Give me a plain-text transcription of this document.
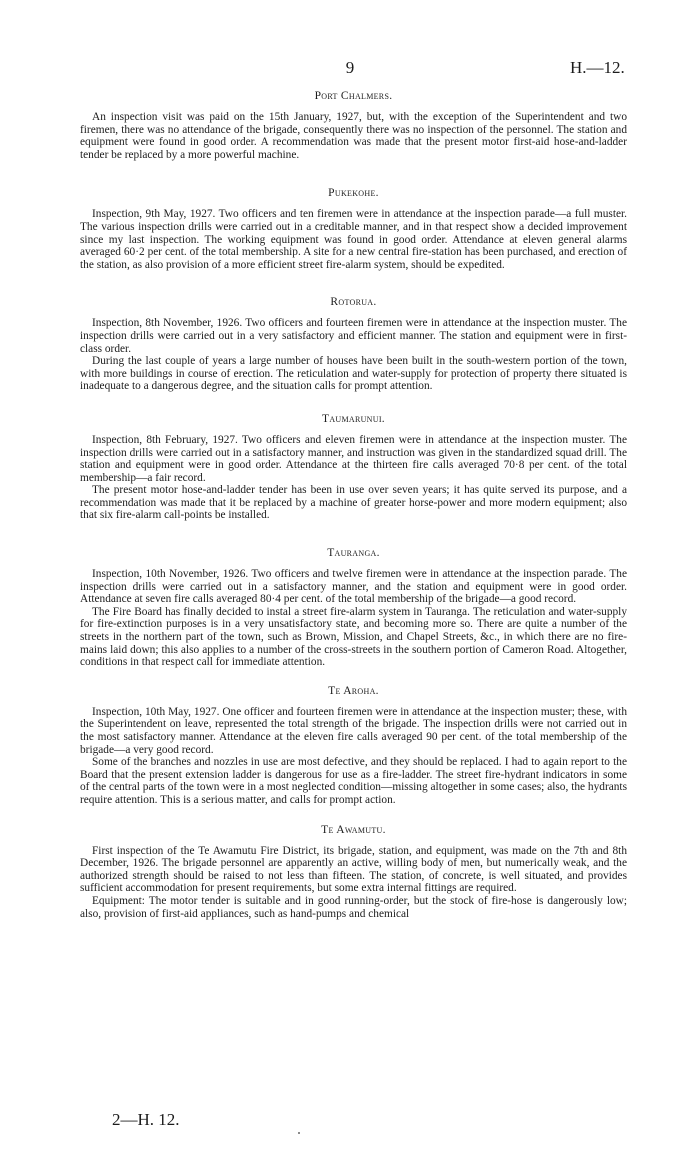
9	H.—12.
Port Chalmers.

An inspection visit was paid on the 15th January, 1927, but, with the exception of the Superintendent and two firemen, there was no attendance of the brigade, consequently there was no inspection of the personnel. The station and equipment were found in good order. A recommendation was made that the present motor first-aid hose-and-ladder tender be replaced by a more powerful machine.

Pukekohe.

Inspection, 9th May, 1927. Two officers and ten firemen were in attendance at the inspection parade—a full muster. The various inspection drills were carried out in a creditable manner, and in that respect show a decided improvement since my last inspection. The working equipment was found in good order. Attendance at eleven general alarms averaged 60·2 per cent. of the total membership. A site for a new central fire-station has been purchased, and erection of the station, as also provision of a more efficient street fire-alarm system, should be expedited.

Rotorua.

Inspection, 8th November, 1926. Two officers and fourteen firemen were in attendance at the inspection muster. The inspection drills were carried out in a very satisfactory and efficient manner. The station and equipment were in first-class order.

During the last couple of years a large number of houses have been built in the south-western portion of the town, with more buildings in course of erection. The reticulation and water-supply for protection of property there situated is inadequate to a dangerous degree, and the situation calls for prompt attention.

Taumarunui.

Inspection, 8th February, 1927. Two officers and eleven firemen were in attendance at the inspection muster. The inspection drills were carried out in a satisfactory manner, and instruction was given in the standardized squad drill. The station and equipment were in good order. Attendance at the thirteen fire calls averaged 70·8 per cent. of the total membership—a fair record.

The present motor hose-and-ladder tender has been in use over seven years; it has quite served its purpose, and a recommendation was made that it be replaced by a machine of greater horse-power and more modern equipment; also that six fire-alarm call-points be installed.

Tauranga.

Inspection, 10th November, 1926. Two officers and twelve firemen were in attendance at the inspection parade. The inspection drills were carried out in a satisfactory manner, and the station and equipment were in good order. Attendance at seven fire calls averaged 80·4 per cent. of the total membership of the brigade—a good record.

The Fire Board has finally decided to instal a street fire-alarm system in Tauranga. The reticulation and water-supply for fire-extinction purposes is in a very unsatisfactory state, and becoming more so. There are quite a number of the streets in the northern part of the town, such as Brown, Mission, and Chapel Streets, &c., in which there are no fire-mains laid down; this also applies to a number of the cross-streets in the southern portion of Cameron Road. Altogether, conditions in that respect call for immediate attention.

Te Aroha.

Inspection, 10th May, 1927. One officer and fourteen firemen were in attendance at the inspection muster; these, with the Superintendent on leave, represented the total strength of the brigade. The inspection drills were not carried out in the most satisfactory manner. Attendance at the eleven fire calls averaged 90 per cent. of the total membership of the brigade—a very good record.

Some of the branches and nozzles in use are most defective, and they should be replaced. I had to again report to the Board that the present extension ladder is dangerous for use as a fire-ladder. The street fire-hydrant indicators in some of the central parts of the town were in a most neglected condition—missing altogether in some cases; also, the hydrants require attention. This is a serious matter, and calls for prompt action.

Te Awamutu.

First inspection of the Te Awamutu Fire District, its brigade, station, and equipment, was made on the 7th and 8th December, 1926. The brigade personnel are apparently an active, willing body of men, but numerically weak, and the authorized strength should be raised to not less than fifteen. The station, of concrete, is well situated, and provides sufficient accommodation for present requirements, but some extra internal fittings are required.

Equipment: The motor tender is suitable and in good running-order, but the stock of fire-hose is dangerously low; also, provision of first-aid appliances, such as hand-pumps and chemical

2—H. 12.
